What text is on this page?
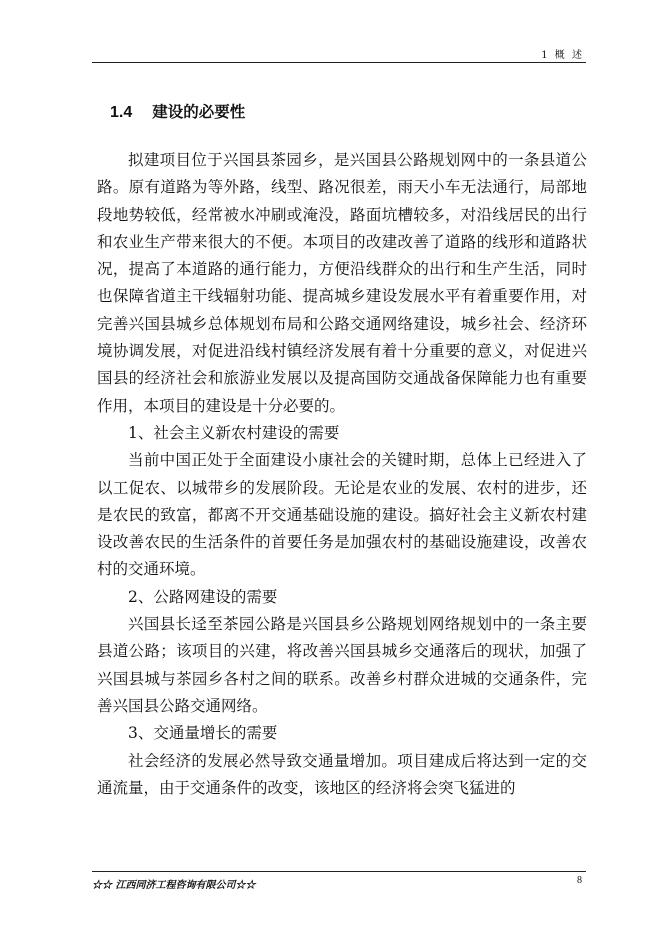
1 概 述
1.4 建设的必要性

拟建项目位于兴国县茶园乡，是兴国县公路规划网中的一条县道公路。原有道路为等外路，线型、路况很差，雨天小车无法通行，局部地段地势较低，经常被水冲刷或淹没，路面坑槽较多，对沿线居民的出行和农业生产带来很大的不便。本项目的改建改善了道路的线形和道路状况，提高了本道路的通行能力，方便沿线群众的出行和生产生活，同时也保障省道主干线辐射功能、提高城乡建设发展水平有着重要作用，对完善兴国县城乡总体规划布局和公路交通网络建设，城乡社会、经济环境协调发展，对促进沿线村镇经济发展有着十分重要的意义，对促进兴国县的经济社会和旅游业发展以及提高国防交通战备保障能力也有重要作用，本项目的建设是十分必要的。

1、社会主义新农村建设的需要

当前中国正处于全面建设小康社会的关键时期，总体上已经进入了以工促农、以城带乡的发展阶段。无论是农业的发展、农村的进步，还是农民的致富，都离不开交通基础设施的建设。搞好社会主义新农村建设改善农民的生活条件的首要任务是加强农村的基础设施建设，改善农村的交通环境。

2、公路网建设的需要

兴国县长迳至茶园公路是兴国县乡公路规划网络规划中的一条主要县道公路；该项目的兴建，将改善兴国县城乡交通落后的现状，加强了兴国县城与茶园乡各村之间的联系。改善乡村群众进城的交通条件，完善兴国县公路交通网络。

3、交通量增长的需要

社会经济的发展必然导致交通量增加。项目建成后将达到一定的交通流量，由于交通条件的改变，该地区的经济将会突飞猛进的

☆☆ 江西同济工程咨询有限公司☆☆	8
